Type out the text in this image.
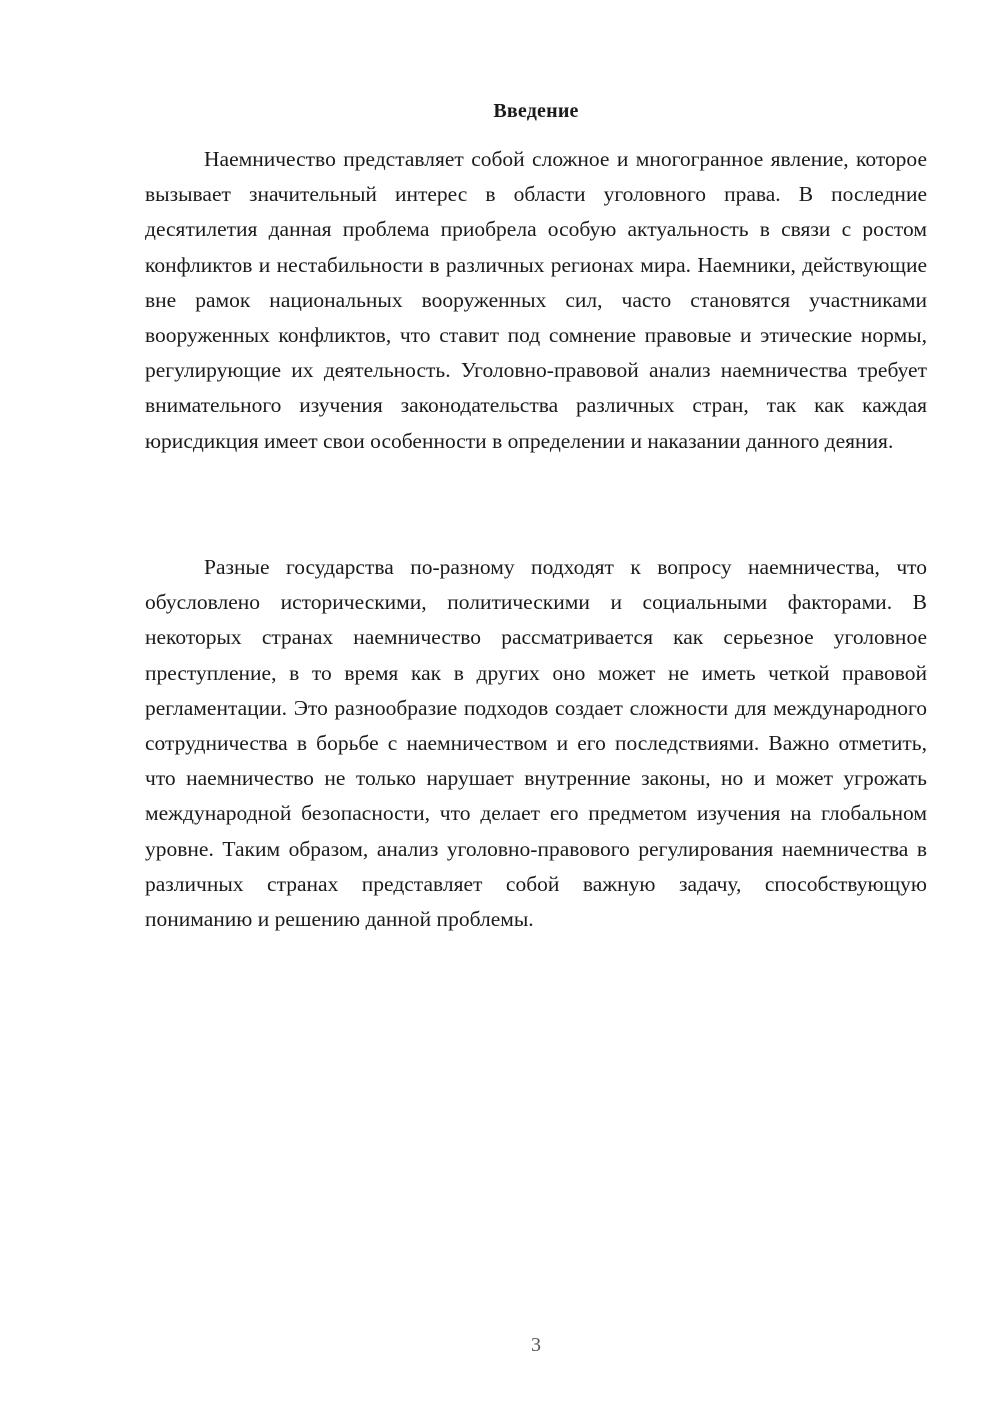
Введение

Наемничество представляет собой сложное и многогранное явление, которое вызывает значительный интерес в области уголовного права. В последние десятилетия данная проблема приобрела особую актуальность в связи с ростом конфликтов и нестабильности в различных регионах мира. Наемники, действующие вне рамок национальных вооруженных сил, часто становятся участниками вооруженных конфликтов, что ставит под сомнение правовые и этические нормы, регулирующие их деятельность. Уголовно-правовой анализ наемничества требует внимательного изучения законодательства различных стран, так как каждая юрисдикция имеет свои особенности в определении и наказании данного деяния.

Разные государства по-разному подходят к вопросу наемничества, что обусловлено историческими, политическими и социальными факторами. В некоторых странах наемничество рассматривается как серьезное уголовное преступление, в то время как в других оно может не иметь четкой правовой регламентации. Это разнообразие подходов создает сложности для международного сотрудничества в борьбе с наемничеством и его последствиями. Важно отметить, что наемничество не только нарушает внутренние законы, но и может угрожать международной безопасности, что делает его предметом изучения на глобальном уровне. Таким образом, анализ уголовно-правового регулирования наемничества в различных странах представляет собой важную задачу, способствующую пониманию и решению данной проблемы.

3
